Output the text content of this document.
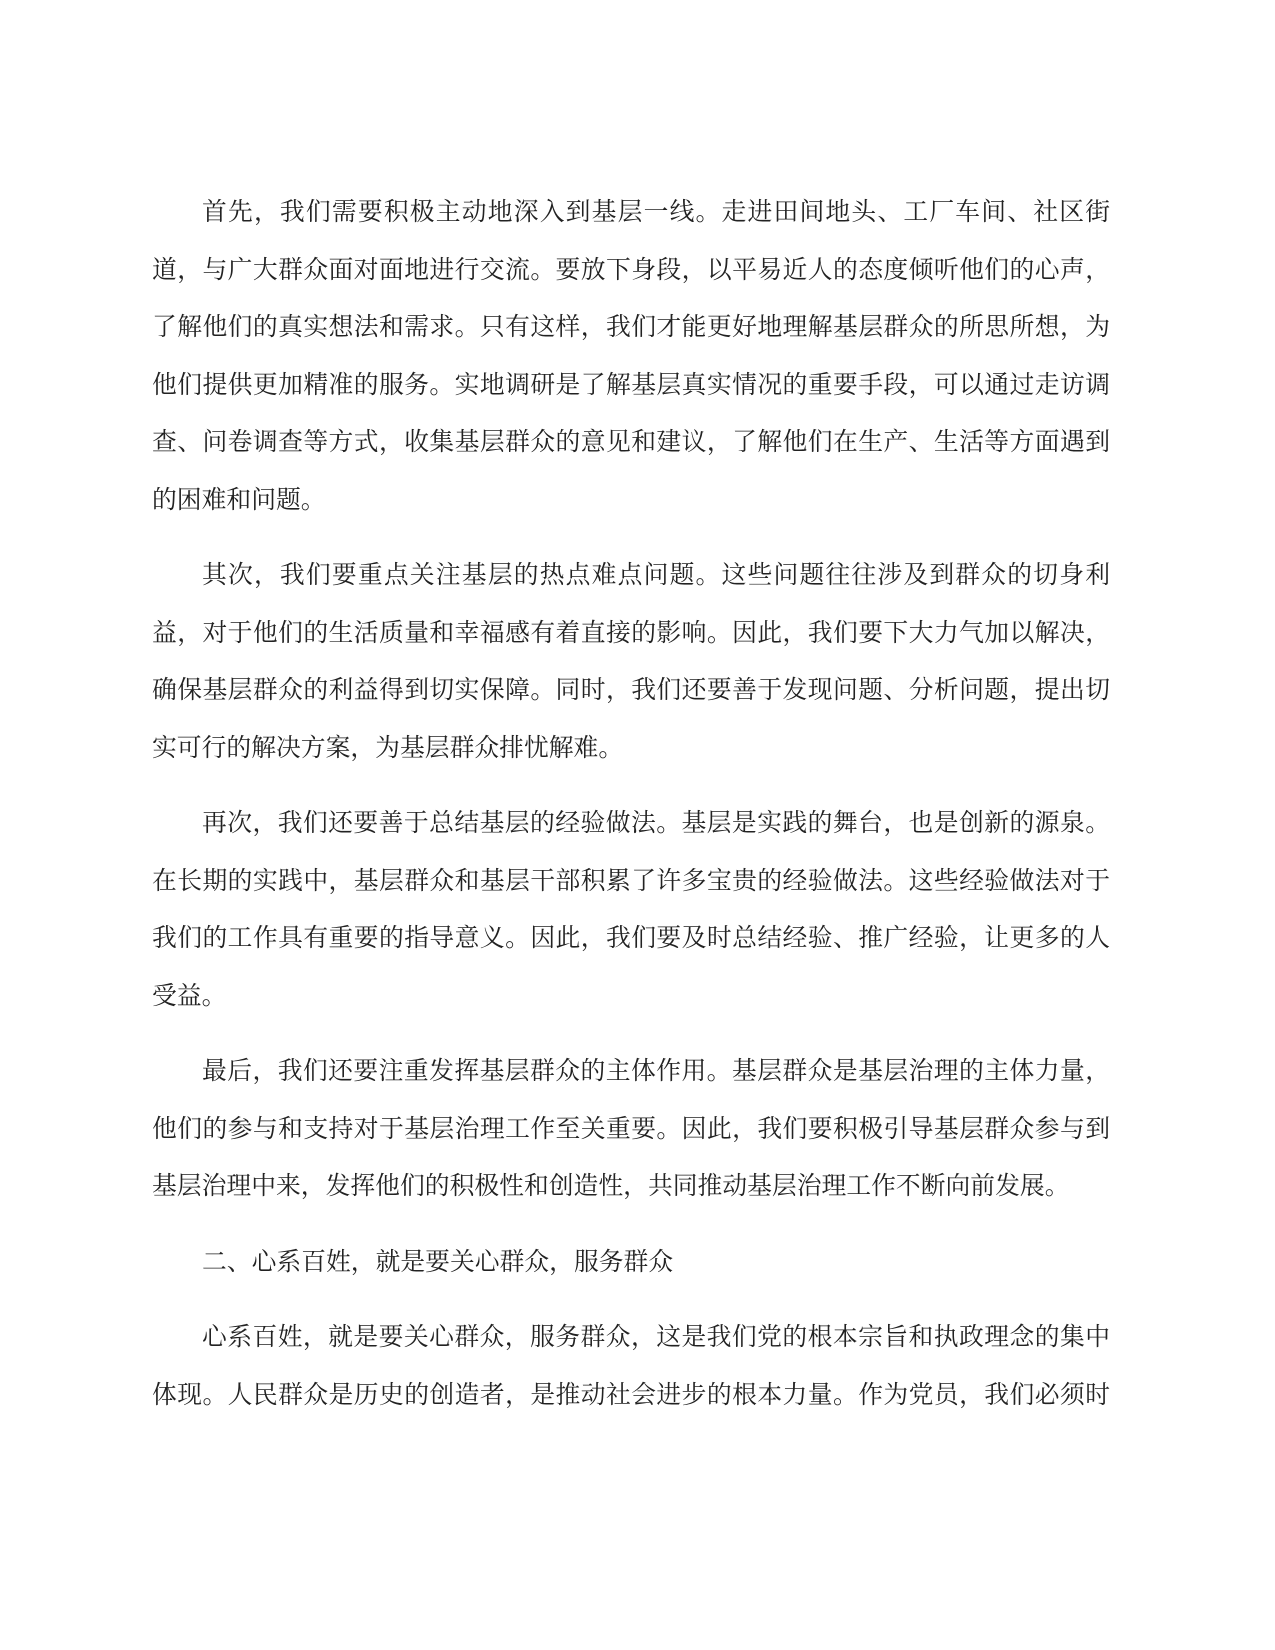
首先，我们需要积极主动地深入到基层一线。走进田间地头、工厂车间、社区街
道，与广大群众面对面地进行交流。要放下身段，以平易近人的态度倾听他们的心声，
了解他们的真实想法和需求。只有这样，我们才能更好地理解基层群众的所思所想，为
他们提供更加精准的服务。实地调研是了解基层真实情况的重要手段，可以通过走访调
查、问卷调查等方式，收集基层群众的意见和建议，了解他们在生产、生活等方面遇到
的困难和问题。
其次，我们要重点关注基层的热点难点问题。这些问题往往涉及到群众的切身利
益，对于他们的生活质量和幸福感有着直接的影响。因此，我们要下大力气加以解决，
确保基层群众的利益得到切实保障。同时，我们还要善于发现问题、分析问题，提出切
实可行的解决方案，为基层群众排忧解难。
再次，我们还要善于总结基层的经验做法。基层是实践的舞台，也是创新的源泉。
在长期的实践中，基层群众和基层干部积累了许多宝贵的经验做法。这些经验做法对于
我们的工作具有重要的指导意义。因此，我们要及时总结经验、推广经验，让更多的人
受益。
最后，我们还要注重发挥基层群众的主体作用。基层群众是基层治理的主体力量，
他们的参与和支持对于基层治理工作至关重要。因此，我们要积极引导基层群众参与到
基层治理中来，发挥他们的积极性和创造性，共同推动基层治理工作不断向前发展。
二、心系百姓，就是要关心群众，服务群众
心系百姓，就是要关心群众，服务群众，这是我们党的根本宗旨和执政理念的集中
体现。人民群众是历史的创造者，是推动社会进步的根本力量。作为党员，我们必须时
